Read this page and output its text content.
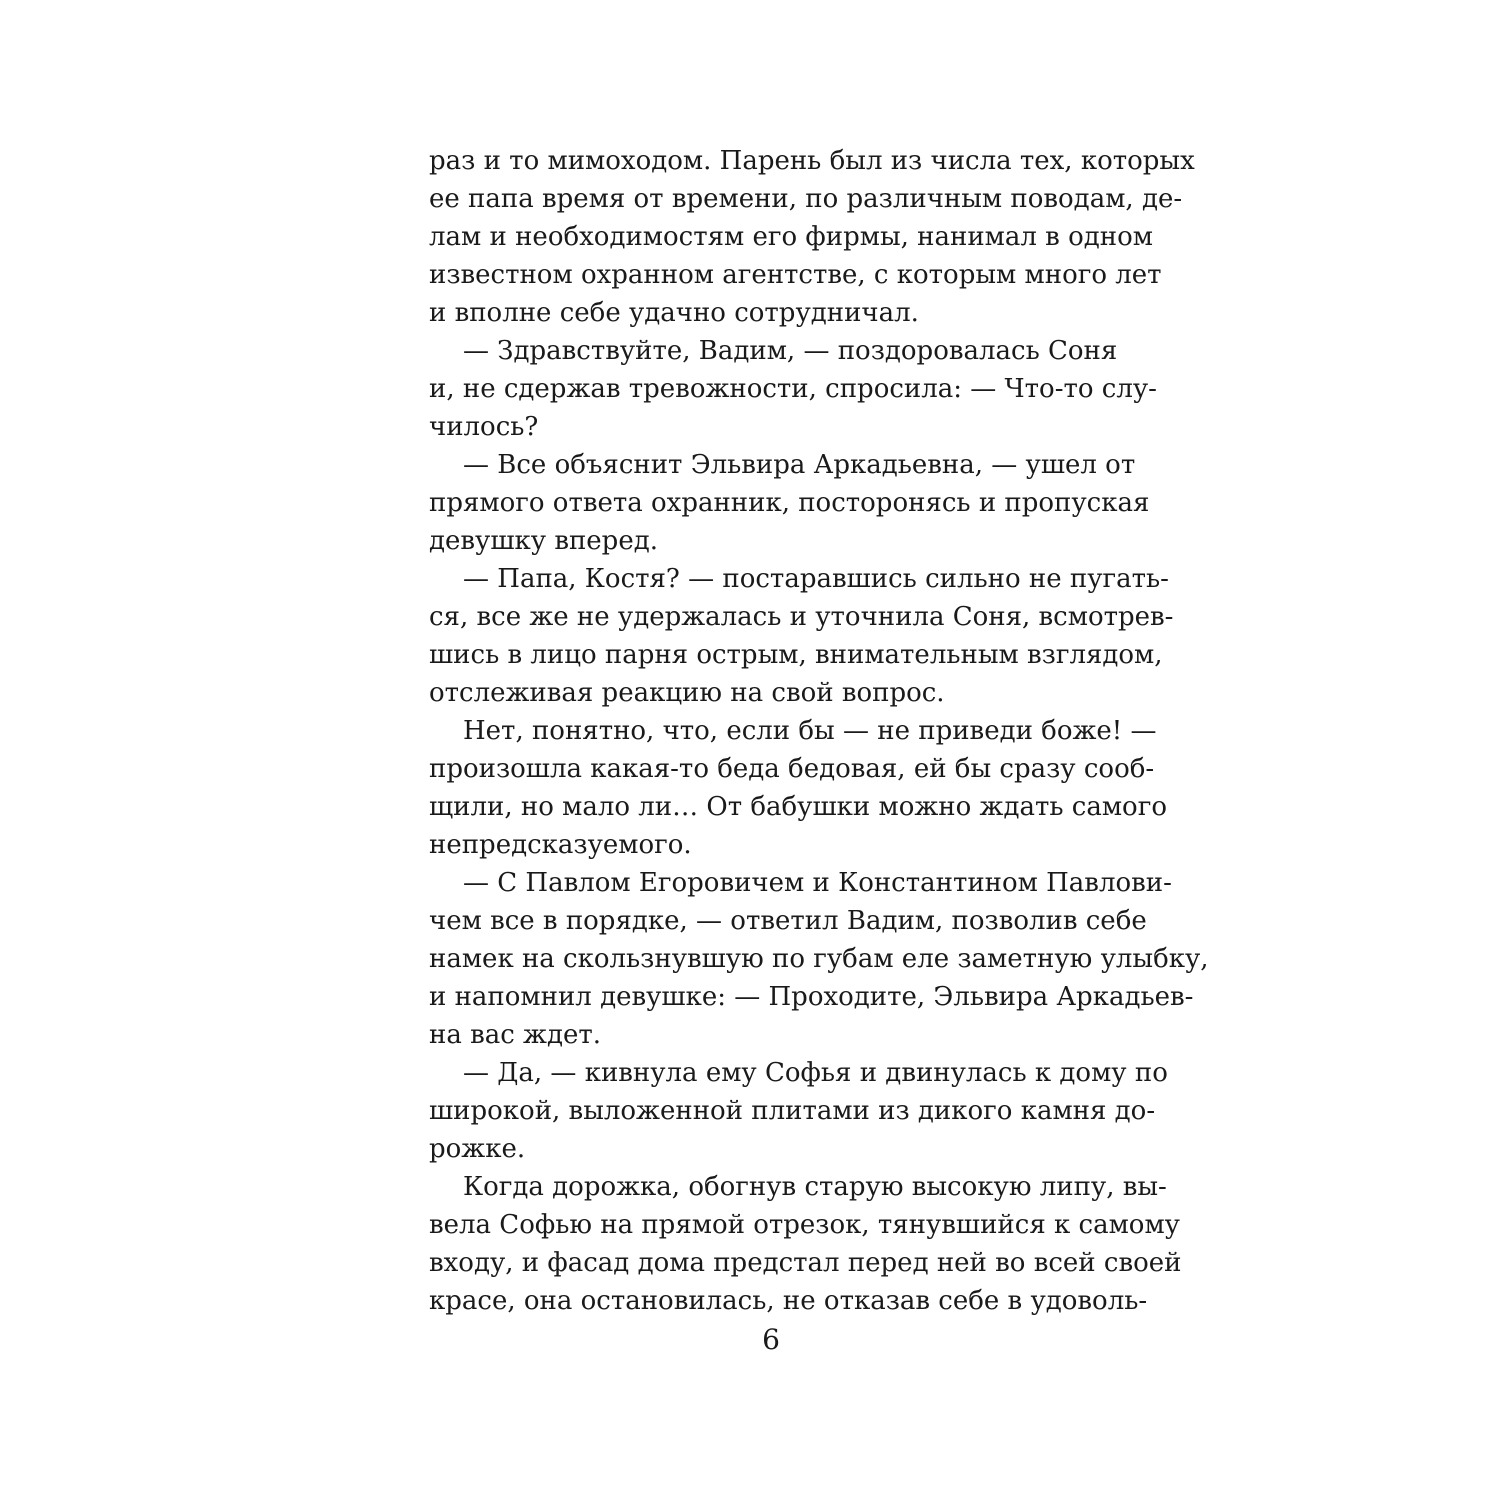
раз и то мимоходом. Парень был из числа тех, которых
ее папа время от времени, по различным поводам, де-
лам и необходимостям его фирмы, нанимал в одном
известном охранном агентстве, с которым много лет
и вполне себе удачно сотрудничал.
— Здравствуйте, Вадим, — поздоровалась Соня
и, не сдержав тревожности, спросила: — Что-то слу-
чилось?
— Все объяснит Эльвира Аркадьевна, — ушел от
прямого ответа охранник, посторонясь и пропуская
девушку вперед.
— Папа, Костя? — постаравшись сильно не пугать-
ся, все же не удержалась и уточнила Соня, всмотрев-
шись в лицо парня острым, внимательным взглядом,
отслеживая реакцию на свой вопрос.
Нет, понятно, что, если бы — не приведи боже! —
произошла какая-то беда бедовая, ей бы сразу сооб-
щили, но мало ли… От бабушки можно ждать самого
непредсказуемого.
— С Павлом Егоровичем и Константином Павлови-
чем все в порядке, — ответил Вадим, позволив себе
намек на скользнувшую по губам еле заметную улыбку,
и напомнил девушке: — Проходите, Эльвира Аркадьев-
на вас ждет.
— Да, — кивнула ему Софья и двинулась к дому по
широкой, выложенной плитами из дикого камня до-
рожке.
Когда дорожка, обогнув старую высокую липу, вы-
вела Софью на прямой отрезок, тянувшийся к самому
входу, и фасад дома предстал перед ней во всей своей
красе, она остановилась, не отказав себе в удоволь-
6
